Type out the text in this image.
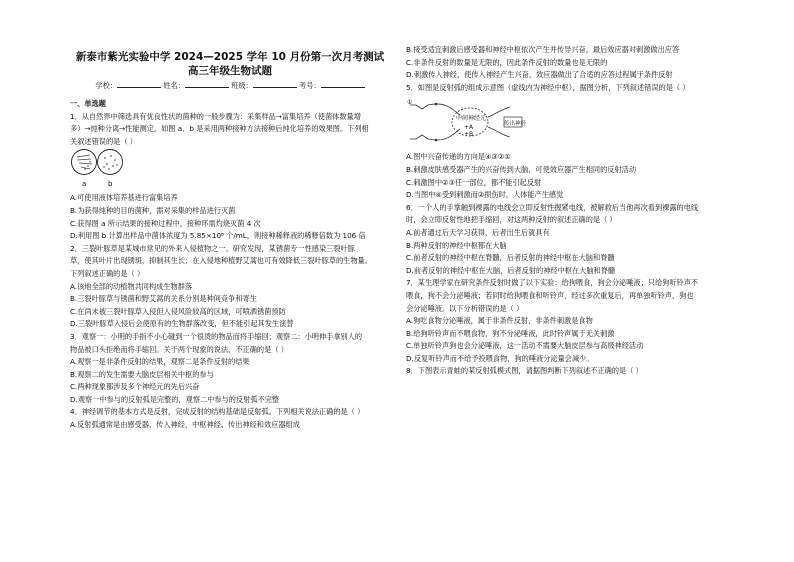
新泰市紫光实验中学 2024—2025 学年 10 月份第一次月考测试
高三年级生物试题
学校：	姓名：	班级：	考号：
一、单选题

1．从自然界中筛选具有优良性状的菌种的一般步骤为：采集样品→富集培养（使菌体数量增

多）→纯种分离→性能测定，如图 a、b 是采用两种接种方法接种后纯化培养的效果图。下列相

关叙述错误的是（ ）

a	b

A.可使用液体培养基进行富集培养

B.为获得纯种的目的菌种，需对采集的样品进行灭菌

C.获得图 a 所示结果的接种过程中，接种环需灼烧灭菌 4 次

D.利用图 b 计算出样品中菌体浓度为 5.85×10⁸ 个/mL，则接种稀释液的稀释倍数为 106 倍

2．三裂叶豚草是某城市常见的外来入侵植物之一。研究发现，某锈菌专一性感染三裂叶豚

草，使其叶片出现锈斑，抑制其生长；在入侵地种植野艾蒿也可有效降低三裂叶豚草的生物量。

下列叙述正确的是（ ）

A.该地全部的动植物共同构成生物群落

B.三裂叶豚草与锈菌和野艾蒿的关系分别是种间竞争和寄生

C.在尚未被三裂叶豚草入侵但入侵风险较高的区域，可喷洒锈菌预防

D.三裂叶豚草入侵后会使原有的生物群落改变，但不能引起其发生演替

3．观察一：小明的手指不小心碰到一个很烫的物品而将手缩回；观察二：小明伸手拿别人的

物品被口头拒绝而将手缩回。关于两个现象的说法，不正确的是（ ）

A.观察一是非条件反射的结果，观察二是条件反射的结果

B.观察二的发生需要大脑皮层相关中枢的参与

C.两种现象都涉及多个神经元的先后兴奋

D.观察一中参与的反射弧是完整的，观察二中参与的反射弧不完整

4．神经调节的基本方式是反射，完成反射的结构基础是反射弧。下列相关说法正确的是（ ）

A.反射弧通常是由感受器、传入神经、中枢神经、传出神经和效应器组成

B.接受适宜刺激后感受器和神经中枢依次产生并传导兴奋，最后效应器对刺激做出应答

C.非条件反射的数量是无限的，因此条件反射的数量也是无限的

D.刺激传入神经，使传入神经产生兴奋，效应器做出了合适的应答过程属于条件反射

5．如图是反射弧的组成示意图（虚线内为神经中枢），据图分析，下列叙述错误的是（ ）

中间神经元
+A
+B
传出神经
①

A.图中兴奋传递的方向是④③②①

B.刺激皮肤感受器产生的兴奋传到大脑，可使效应器产生相同的反射活动

C.刺激图中②③任一部位，都不能引起反射

D.当图中④受到刺激而②损伤时，人体能产生感觉

6．一个人的手掌触到裸露的电线会立即反射性握紧电线，被解救后当他再次看到裸露的电线

时，会立即反射性地把手缩回，对这两种反射的叙述正确的是（ ）

A.前者通过后天学习获得，后者出生后就具有

B.两种反射的神经中枢都在大脑

C.前者反射的神经中枢在脊髓，后者反射的神经中枢在大脑和脊髓

D.前者反射的神经中枢在大脑，后者反射的神经中枢在大脑和脊髓

7．某生理学家在研究条件反射时做了以下实验：给狗喂食，狗会分泌唾液；只给狗听铃声不

喂食，狗不会分泌唾液；若同时给狗喂食和听铃声，经过多次重复后，再单独听铃声，狗也

会分泌唾液。以下分析错误的是（ ）

A.狗吃食物分泌唾液，属于非条件反射，非条件刺激是食物

B.给狗听铃声而不喂食物，狗不分泌唾液，此时铃声属于无关刺激

C.单独听铃声狗也会分泌唾液，这一活动不需要大脑皮层参与高级神经活动

D.反复听铃声而不给予投喂食物，狗的唾液分泌量会减少。

8．下图表示青蛙的某反射弧模式图，请据图判断下列叙述不正确的是（ ）
